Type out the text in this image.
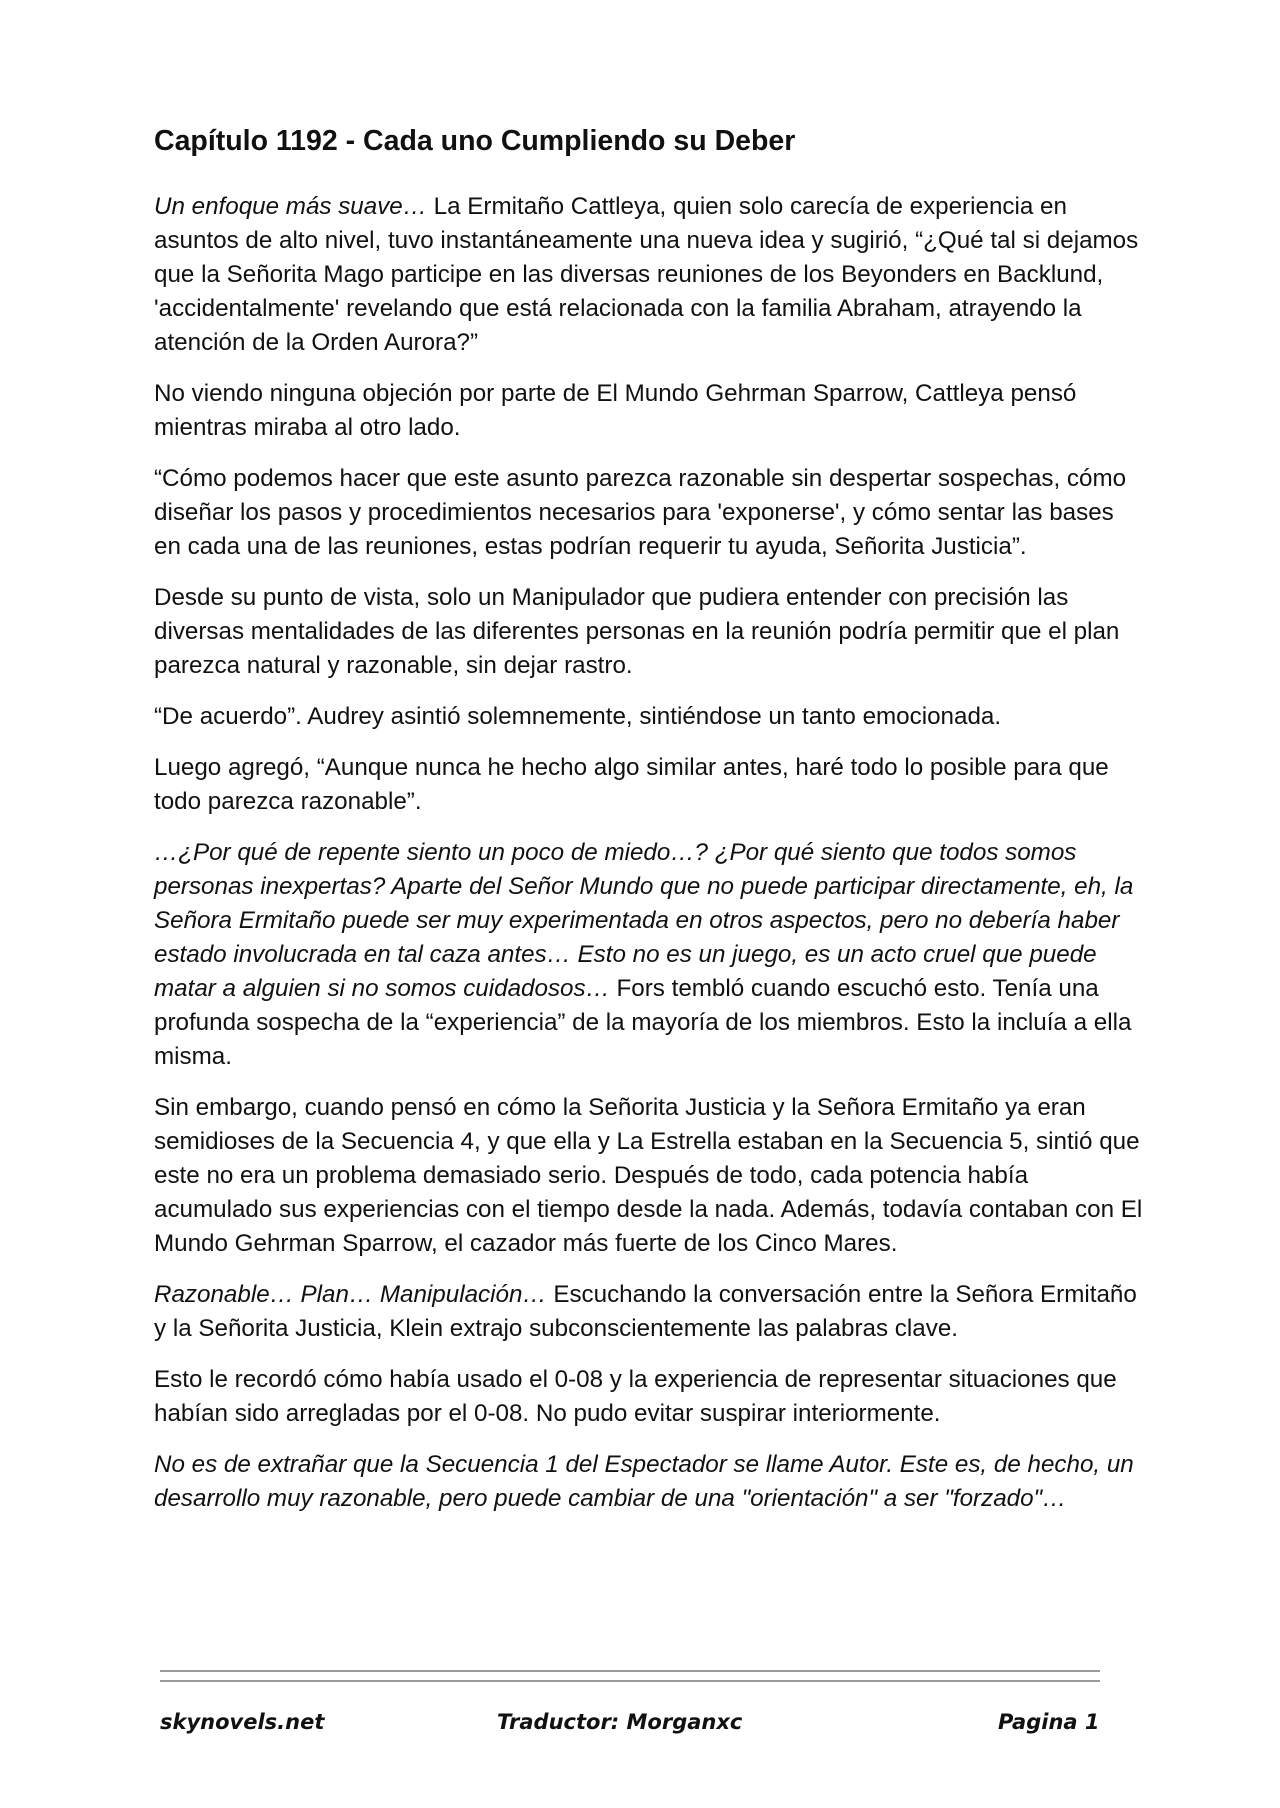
Capítulo 1192 - Cada uno Cumpliendo su Deber

Un enfoque más suave… La Ermitaño Cattleya, quien solo carecía de experiencia en asuntos de alto nivel, tuvo instantáneamente una nueva idea y sugirió, “¿Qué tal si dejamos que la Señorita Mago participe en las diversas reuniones de los Beyonders en Backlund, 'accidentalmente' revelando que está relacionada con la familia Abraham, atrayendo la atención de la Orden Aurora?”

No viendo ninguna objeción por parte de El Mundo Gehrman Sparrow, Cattleya pensó mientras miraba al otro lado.

“Cómo podemos hacer que este asunto parezca razonable sin despertar sospechas, cómo diseñar los pasos y procedimientos necesarios para 'exponerse', y cómo sentar las bases en cada una de las reuniones, estas podrían requerir tu ayuda, Señorita Justicia”.

Desde su punto de vista, solo un Manipulador que pudiera entender con precisión las diversas mentalidades de las diferentes personas en la reunión podría permitir que el plan parezca natural y razonable, sin dejar rastro.

“De acuerdo”. Audrey asintió solemnemente, sintiéndose un tanto emocionada.

Luego agregó, “Aunque nunca he hecho algo similar antes, haré todo lo posible para que todo parezca razonable”.

…¿Por qué de repente siento un poco de miedo…? ¿Por qué siento que todos somos personas inexpertas? Aparte del Señor Mundo que no puede participar directamente, eh, la Señora Ermitaño puede ser muy experimentada en otros aspectos, pero no debería haber estado involucrada en tal caza antes… Esto no es un juego, es un acto cruel que puede matar a alguien si no somos cuidadosos… Fors tembló cuando escuchó esto. Tenía una profunda sospecha de la “experiencia” de la mayoría de los miembros. Esto la incluía a ella misma.

Sin embargo, cuando pensó en cómo la Señorita Justicia y la Señora Ermitaño ya eran semidioses de la Secuencia 4, y que ella y La Estrella estaban en la Secuencia 5, sintió que este no era un problema demasiado serio. Después de todo, cada potencia había acumulado sus experiencias con el tiempo desde la nada. Además, todavía contaban con El Mundo Gehrman Sparrow, el cazador más fuerte de los Cinco Mares.

Razonable… Plan… Manipulación… Escuchando la conversación entre la Señora Ermitaño y la Señorita Justicia, Klein extrajo subconscientemente las palabras clave.

Esto le recordó cómo había usado el 0-08 y la experiencia de representar situaciones que habían sido arregladas por el 0-08. No pudo evitar suspirar interiormente.

No es de extrañar que la Secuencia 1 del Espectador se llame Autor. Este es, de hecho, un desarrollo muy razonable, pero puede cambiar de una "orientación" a ser "forzado"…

skynovels.net	Traductor: Morganxc	Pagina 1
